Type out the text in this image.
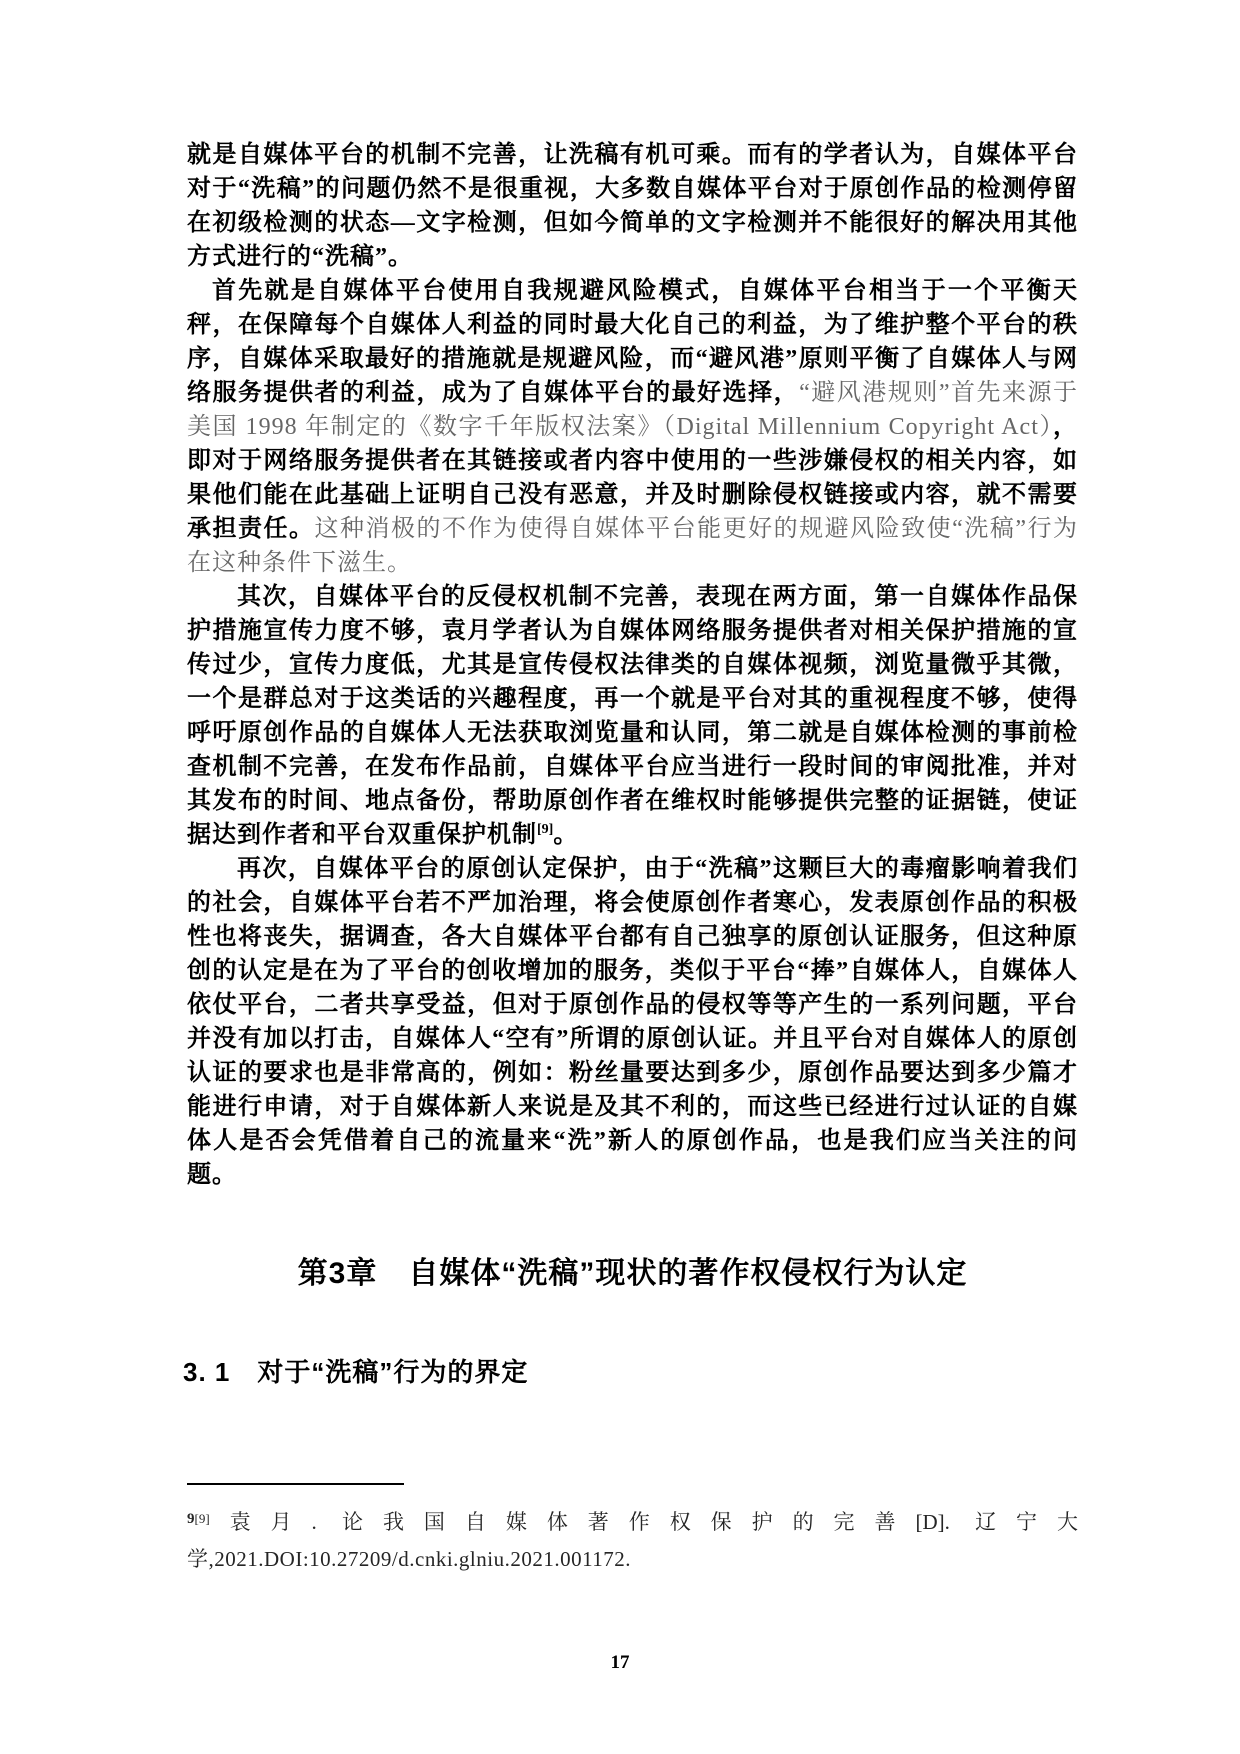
就是自媒体平台的机制不完善，让洗稿有机可乘。而有的学者认为，自媒体平台对于“洗稿”的问题仍然不是很重视，大多数自媒体平台对于原创作品的检测停留在初级检测的状态—文字检测，但如今简单的文字检测并不能很好的解决用其他方式进行的“洗稿”。

首先就是自媒体平台使用自我规避风险模式，自媒体平台相当于一个平衡天秤，在保障每个自媒体人利益的同时最大化自己的利益，为了维护整个平台的秩序，自媒体采取最好的措施就是规避风险，而“避风港”原则平衡了自媒体人与网络服务提供者的利益，成为了自媒体平台的最好选择，“避风港规则”首先来源于美国 1998 年制定的《数字千年版权法案》（Digital Millennium Copyright Act），即对于网络服务提供者在其链接或者内容中使用的一些涉嫌侵权的相关内容，如果他们能在此基础上证明自己没有恶意，并及时删除侵权链接或内容，就不需要承担责任。这种消极的不作为使得自媒体平台能更好的规避风险致使“洗稿”行为在这种条件下滋生。

其次，自媒体平台的反侵权机制不完善，表现在两方面，第一自媒体作品保护措施宣传力度不够，袁月学者认为自媒体网络服务提供者对相关保护措施的宣传过少，宣传力度低，尤其是宣传侵权法律类的自媒体视频，浏览量微乎其微，一个是群总对于这类话的兴趣程度，再一个就是平台对其的重视程度不够，使得呼吁原创作品的自媒体人无法获取浏览量和认同，第二就是自媒体检测的事前检查机制不完善，在发布作品前，自媒体平台应当进行一段时间的审阅批准，并对其发布的时间、地点备份，帮助原创作者在维权时能够提供完整的证据链，使证据达到作者和平台双重保护机制[9]。

再次，自媒体平台的原创认定保护，由于“洗稿”这颗巨大的毒瘤影响着我们的社会，自媒体平台若不严加治理，将会使原创作者寒心，发表原创作品的积极性也将丧失，据调查，各大自媒体平台都有自己独享的原创认证服务，但这种原创的认定是在为了平台的创收增加的服务，类似于平台“捧”自媒体人，自媒体人依仗平台，二者共享受益，但对于原创作品的侵权等等产生的一系列问题，平台并没有加以打击，自媒体人“空有”所谓的原创认证。并且平台对自媒体人的原创认证的要求也是非常高的，例如：粉丝量要达到多少，原创作品要达到多少篇才能进行申请，对于自媒体新人来说是及其不利的，而这些已经进行过认证的自媒体人是否会凭借着自己的流量来“洗”新人的原创作品，也是我们应当关注的问题。

第3章　自媒体“洗稿”现状的著作权侵权行为认定
3. 1　对于“洗稿”行为的界定
$^{9[9]}$袁月. 论我国自媒体著作权保护的完善[D]. 辽宁大
学,2021.DOI:10.27209/d.cnki.glniu.2021.001172.
17
